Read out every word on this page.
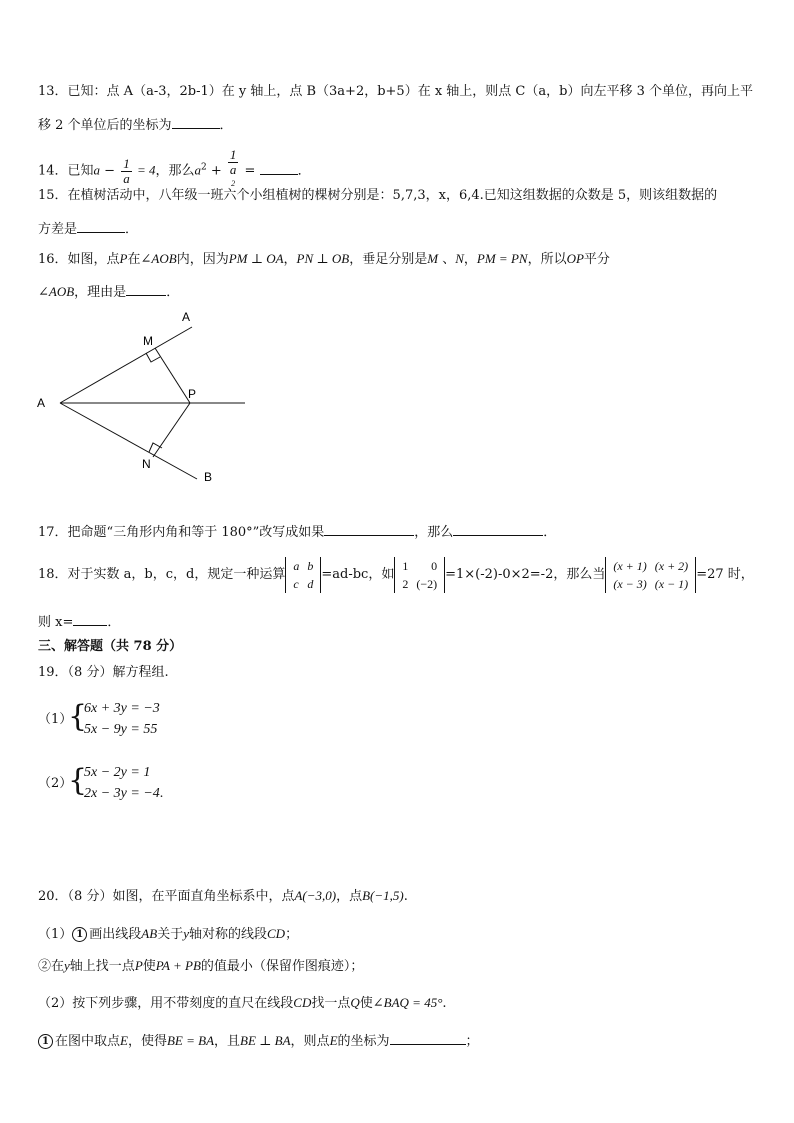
13．已知：点 A（a-3，2b-1）在 y 轴上，点 B（3a+2，b+5）在 x 轴上，则点 C（a，b）向左平移 3 个单位，再向上平
移 2 个单位后的坐标为	．
14．已知$a - \frac{1}{a} = 4$，那么$a^2 + 1$
a
$^2$ =	．
15．在植树活动中，八年级一班六个小组植树的棵树分别是：5,7,3，x，6,4.已知这组数据的众数是 5，则该组数据的
方差是	．
16．如图，点P在∠AOB内，因为PM ⊥ OA，PN ⊥ OB，垂足分别是M 、N，PM = PN，所以OP平分
∠AOB，理由是	．
A
M
P
A
N
B
17．把命题“三角形内角和等于 180°”改写成如果	，那么	．
18．对于实数 a，b，c，d，规定一种运算
a	b
c	d
=ad-bc，如
1	0
2	(−2)
=1×(-2)-0×2=-2，那么当
(x + 1)	(x + 2)
(x − 3)	(x − 1)
=27 时，
则 x=	．
三、解答题（共 78 分）
19．（8 分）解方程组.
（1）
{
6x + 3y = −3
5x − 9y = 55
（2）
{
5x − 2y = 1
2x − 3y = −4.
20．（8 分）如图，在平面直角坐标系中，点A(−3,0)，点B(−1,5).
（1） 1 画出线段AB关于y轴对称的线段CD；
②在y轴上找一点P使PA + PB的值最小（保留作图痕迹）；
（2）按下列步骤，用不带刻度的直尺在线段CD找一点Q使∠BAQ = 45°.
1 在图中取点E，使得BE = BA，且BE ⊥ BA，则点E的坐标为	；
